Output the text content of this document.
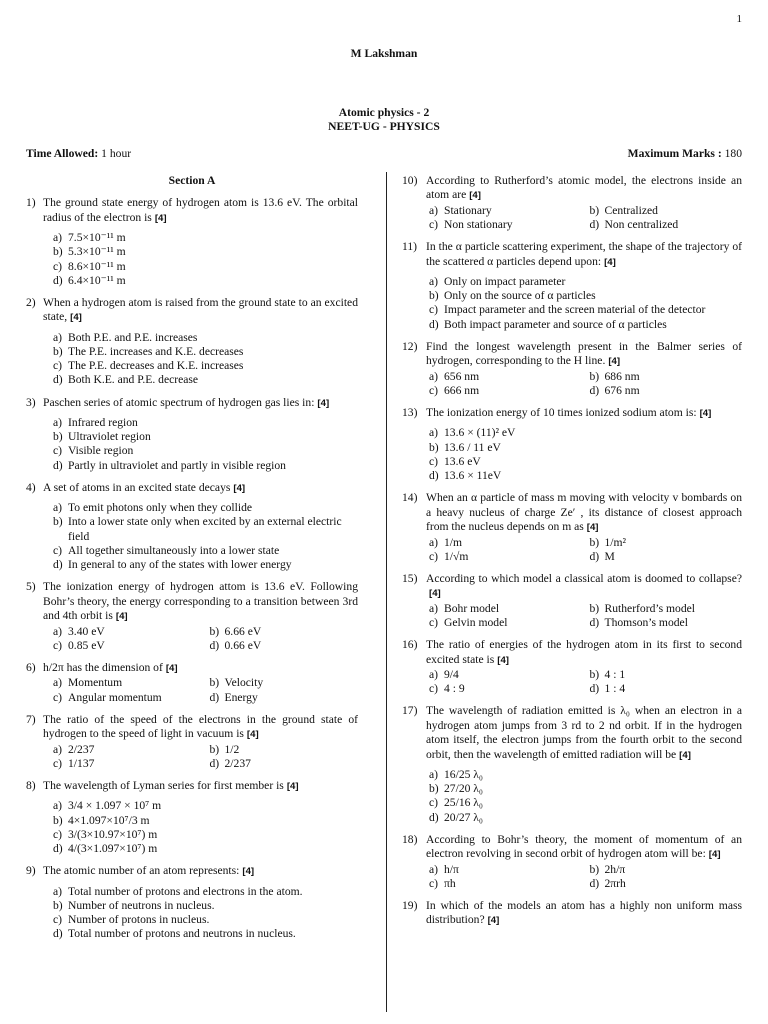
1
M Lakshman
Atomic physics - 2
NEET-UG - PHYSICS
Time Allowed: 1 hour	Maximum Marks : 180
Section A
1) The ground state energy of hydrogen atom is 13.6 eV. The orbital radius of the electron is [4]
a) 7.5×10⁻¹¹ m
b) 5.3×10⁻¹¹ m
c) 8.6×10⁻¹¹ m
d) 6.4×10⁻¹¹ m
2) When a hydrogen atom is raised from the ground state to an excited state, [4]
a) Both P.E. and P.E. increases
b) The P.E. increases and K.E. decreases
c) The P.E. decreases and K.E. increases
d) Both K.E. and P.E. decrease
3) Paschen series of atomic spectrum of hydrogen gas lies in: [4]
a) Infrared region
b) Ultraviolet region
c) Visible region
d) Partly in ultraviolet and partly in visible region
4) A set of atoms in an excited state decays [4]
a) To emit photons only when they collide
b) Into a lower state only when excited by an external electric field
c) All together simultaneously into a lower state
d) In general to any of the states with lower energy
5) The ionization energy of hydrogen attom is 13.6 eV. Following Bohr’s theory, the energy corresponding to a transition between 3rd and 4th orbit is [4]
a) 3.40 eV	b) 6.66 eV
c) 0.85 eV	d) 0.66 eV
6) h/2π has the dimension of [4]
a) Momentum	b) Velocity
c) Angular momentum	d) Energy
7) The ratio of the speed of the electrons in the ground state of hydrogen to the speed of light in vacuum is [4]
a) 2/237	b) 1/2
c) 1/137	d) 2/237
8) The wavelength of Lyman series for first member is [4]
a) 3/4 × 1.097 × 10⁷ m
b) 4×1.097×10⁷/3 m
c) 3/(3×10.97×10⁷) m
d) 4/(3×1.097×10⁷) m
9) The atomic number of an atom represents: [4]
a) Total number of protons and electrons in the atom.
b) Number of neutrons in nucleus.
c) Number of protons in nucleus.
d) Total number of protons and neutrons in nucleus.
10) According to Rutherford’s atomic model, the electrons inside an atom are [4]
a) Stationary	b) Centralized
c) Non stationary	d) Non centralized
11) In the α particle scattering experiment, the shape of the trajectory of the scattered α particles depend upon: [4]
a) Only on impact parameter
b) Only on the source of α particles
c) Impact parameter and the screen material of the detector
d) Both impact parameter and source of α particles
12) Find the longest wavelength present in the Balmer series of hydrogen, corresponding to the H line. [4]
a) 656 nm	b) 686 nm
c) 666 nm	d) 676 nm
13) The ionization energy of 10 times ionized sodium atom is: [4]
a) 13.6 × (11)² eV
b) 13.6 / 11 eV
c) 13.6 eV
d) 13.6 × 11eV
14) When an α particle of mass m moving with velocity v bombards on a heavy nucleus of charge Ze′ , its distance of closest approach from the nucleus depends on m as [4]
a) 1/m	b) 1/m²
c) 1/√m	d) M
15) According to which model a classical atom is doomed to collapse?[4]
a) Bohr model	b) Rutherford’s model
c) Gelvin model	d) Thomson’s model
16) The ratio of energies of the hydrogen atom in its first to second excited state is [4]
a) 9/4	b) 4 : 1
c) 4 : 9	d) 1 : 4
17) The wavelength of radiation emitted is λ₀ when an electron in a hydrogen atom jumps from 3 rd to 2 nd orbit. If in the hydrogen atom itself, the electron jumps from the fourth orbit to the second orbit, then the wavelength of emitted radiation will be [4]
a) 16/25 λ₀
b) 27/20 λ₀
c) 25/16 λ₀
d) 20/27 λ₀
18) According to Bohr’s theory, the moment of momentum of an electron revolving in second orbit of hydrogen atom will be: [4]
a) h/π	b) 2h/π
c) πh	d) 2πrh
19) In which of the models an atom has a highly non uniform mass distribution? [4]
